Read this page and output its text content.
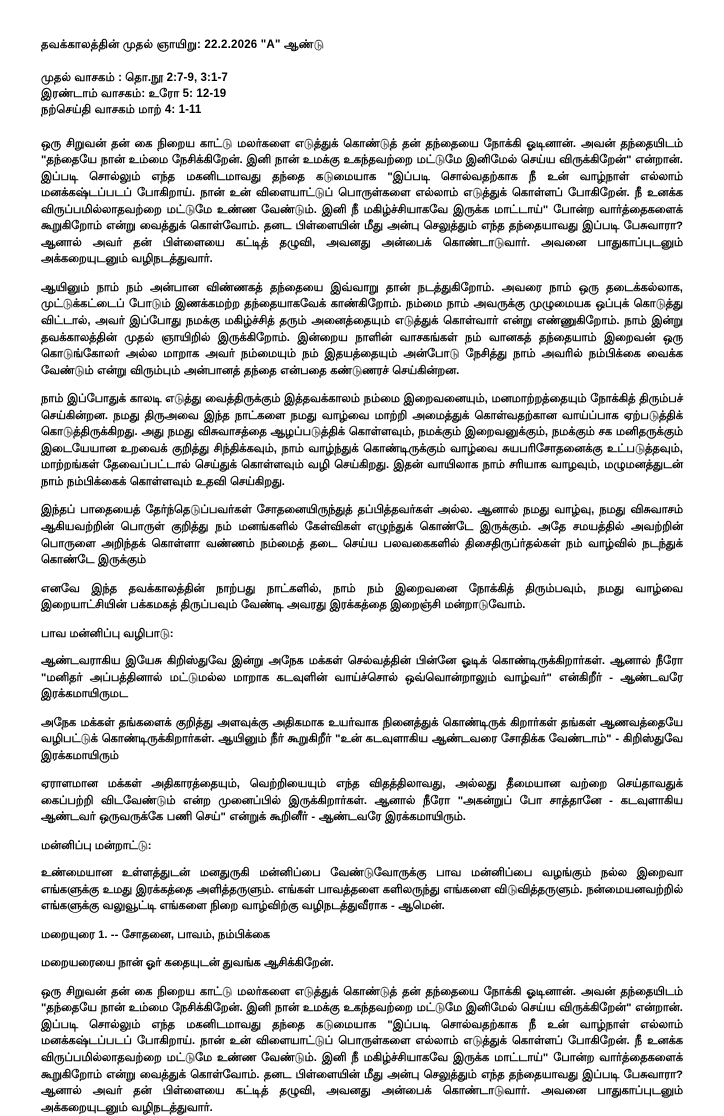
தவக்காலத்தின் முதல் ஞாயிறு: 22.2.2026 "A" ஆண்டு
முதல் வாசகம் : தொ.நூ 2:7-9, 3:1-7
இரண்டாம் வாசகம்: உரோ 5: 12-19
நற்செய்தி வாசகம் மாற் 4: 1-11

ஒரு சிறுவன் தன் கை நிறைய காட்டு மலர்களை எடுத்துக் கொண்டுத் தன் தந்தையை நோக்கி ஓடினான். அவன் தந்தையிடம் "தந்தையே நான் உம்மை நேசிக்கிறேன். இனி நான் உமக்கு உகந்தவற்றை மட்டுமே இனிமேல் செய்ய விருக்கிறேன்" என்றான். இப்படி சொல்லும் எந்த மகனிடமாவது தந்தை கடுமையாக "இப்படி சொல்வதற்காக நீ உன் வாழ்நாள் எல்லாம் மனக்கஷ்டப்படப் போகிறாய். நான் உன் விளையாட்டுப் பொருள்களை எல்லாம் எடுத்துக் கொள்ளப் போகிறேன். நீ உனக்க விருப்பமில்லாதவற்றை மட்டுமே உண்ண வேண்டும். இனி நீ மகிழ்ச்சியாகவே இருக்க மாட்டாய்" போன்ற வார்த்தைகளைக் கூறுகிறோம் என்று வைத்துக் கொள்வோம். தனட பிள்ளையின் மீது அன்பு செலுத்தும் எந்த தந்தையாவது இப்படி பேசுவாரா? ஆனால் அவர் தன் பிள்ளையை கட்டித் தழுவி, அவனது அன்பைக் கொண்டாடுவார். அவனை பாதுகாப்புடனும் அக்கறையுடனும் வழிநடத்துவார்.

ஆயினும் நாம் நம் அன்பான விண்ணகத் தந்தையை இவ்வாறு தான் நடத்துகிறோம். அவரை நாம் ஒரு தடைக்கல்லாக, முட்டுக்கட்டைப் போடும் இணக்கமற்ற தந்தையாகவேக் காண்கிறோம். நம்மை நாம் அவருக்கு முழுமையக ஒப்புக் கொடுத்து விட்டால், அவர் இப்போது நமக்கு மகிழ்ச்சித் தரும் அனைத்தையும் எடுத்துக் கொள்வார் என்று எண்ணுகிறோம். நாம் இன்று தவக்காலத்தின் முதல் ஞாயிறில் இருக்கிறோம். இன்றைய நாளின் வாசகங்கள் நம் வானகத் தந்தையாம் இறைவன் ஒரு கொடுங்கோலர் அல்ல மாறாக அவர் நம்மையும் நம் இதயத்தையும் அன்போடு நேசித்து நாம் அவரில் நம்பிக்கை வைக்க வேண்டும் என்று விரும்பும் அன்பானத் தந்தை என்பதை கண்டுணரச் செய்கின்றன.

நாம் இப்போதுக் காலடி எடுத்து வைத்திருக்கும் இத்தவக்காலம் நம்மை இறைவனையும், மனமாற்றத்தையும் நோக்கித் திரும்பச் செய்கின்றன. நமது திருஅவை இந்த நாட்களை நமது வாழ்வை மாற்றி அமைத்துக் கொள்வதற்கான வாய்ப்பாக ஏற்படுத்திக் கொடுத்திருக்கிறது. அது நமது விசுவாசத்தை ஆழப்படுத்திக் கொள்ளவும், நமக்கும் இறைவனுக்கும், நமக்கும் சக மனிதருக்கும் இடையேயான உறவைக் குறித்து சிந்திக்கவும், நாம் வாழ்ந்துக் கொண்டிருக்கும் வாழ்வை சுயபரிசோதனைக்கு உட்படுத்தவும், மாற்றங்கள் தேவைப்பட்டால் செய்துக் கொள்ளவும் வழி செய்கிறது. இதன் வாயிலாக நாம் சரியாக வாழவும், மழுமனத்துடன் நாம் நம்பிக்கைக் கொள்ளவும் உதவி செய்கிறது.

இந்தப் பாதையைத் தேர்ந்தெடுப்பவர்கள் சோதனையிருந்துத் தப்பித்தவர்கள் அல்ல. ஆனால் நமது வாழ்வு, நமது விசுவாசம் ஆகியவற்றின் பொருள் குறித்து நம் மனங்களில் கேள்விகள் எழுந்துக் கொண்டே இருக்கும். அதே சமயத்தில் அவற்றின் பொருளை அறிந்தக் கொள்ளா வண்ணம் நம்மைத் தடை செய்ய பலவகைகளில் திசைதிருப்ர்தல்கள் நம் வாழ்வில் நடந்துக் கொண்டே இருக்கும்

எனவே இந்த தவக்காலத்தின் நாற்பது நாட்களில், நாம் நம் இறைவனை நோக்கித் திரும்பவும், நமது வாழ்வை இறையாட்சியின் பக்கமகத் திருப்பவும் வேண்டி அவரது இரக்கத்தை இறைஞ்சி மன்றாடுவோம்.

பாவ மன்னிப்பு வழிபாடு:

ஆண்டவராகிய இயேசு கிறிஸ்துவே இன்று அநேக மக்கள் செல்வத்தின் பின்னே ஓடிக் கொண்டிருக்கிறார்கள். ஆனால் நீரோ "மனிதர் அப்பத்தினால் மட்டுமல்ல மாறாக கடவுளின் வாய்ச்சொல் ஒவ்வொன்றாலும் வாழ்வர்" என்கிறீர் - ஆண்டவரே இரக்கமாயிருமட

அநேக மக்கள் தங்களைக் குறித்து அளவுக்கு அதிகமாக உயர்வாக நினைத்துக் கொண்டிருக் கிறார்கள் தங்கள் ஆணவத்தையே வழிபட்டுக் கொண்டிருக்கிறார்கள். ஆயினும் நீர் கூறுகிறீர் "உன் கடவுளாகிய ஆண்டவரை சோதிக்க வேண்டாம்" - கிறிஸ்துவே இரக்கமாயிரும்

ஏராளமான மக்கள் அதிகாரத்தையும், வெற்றியையும் எந்த விதத்திலாவது, அல்லது தீமையான வற்றை செய்தாவதுக் கைப்பற்றி விடவேண்டும் என்ற முனைப்பில் இருக்கிறார்கள். ஆனால் நீரோ "அகன்றுப் போ சாத்தானே - கடவுளாகிய ஆண்டவர் ஒருவருக்கே பணி செய்" என்றுக் கூறினீர் - ஆண்டவரே இரக்கமாயிரும்.

மன்னிப்பு மன்றாட்டு:

உண்மையான உள்ளத்துடன் மனதுருகி மன்னிப்பை வேண்டுவோருக்கு பாவ மன்னிப்பை வழங்கும் நல்ல இறைவா எங்களுக்கு உமது இரக்கத்தை அளித்தருளும். எங்கள் பாவத்தளை களிலருந்து எங்களை விடுவித்தருளும். நன்மையனவற்றில் எங்களுக்கு வலுவூட்டி எங்களை நிறை வாழ்விற்கு வழிநடத்துவீராக - ஆமென்.

மறையுரை 1. -- சோதனை, பாவம், நம்பிக்கை
மறையரையை நான் ஓர் கதையுடன் துவங்க ஆசிக்கிறேன்.

ஒரு சிறுவன் தன் கை நிறைய காட்டு மலர்களை எடுத்துக் கொண்டுத் தன் தந்தையை நோக்கி ஓடினான். அவன் தந்தையிடம் "தந்தையே நான் உம்மை நேசிக்கிறேன். இனி நான் உமக்கு உகந்தவற்றை மட்டுமே இனிமேல் செய்ய விருக்கிறேன்" என்றான். இப்படி சொல்லும் எந்த மகனிடமாவது தந்தை கடுமையாக "இப்படி சொல்வதற்காக நீ உன் வாழ்நாள் எல்லாம் மனக்கஷ்டப்படப் போகிறாய். நான் உன் விளையாட்டுப் பொருள்களை எல்லாம் எடுத்துக் கொள்ளப் போகிறேன். நீ உனக்க விருப்பமில்லாதவற்றை மட்டுமே உண்ண வேண்டும். இனி நீ மகிழ்ச்சியாகவே இருக்க மாட்டாய்" போன்ற வார்த்தைகளைக் கூறுகிறோம் என்று வைத்துக் கொள்வோம். தனட பிள்ளையின் மீது அன்பு செலுத்தும் எந்த தந்தையாவது இப்படி பேசுவாரா? ஆனால் அவர் தன் பிள்ளையை கட்டித் தழுவி, அவனது அன்பைக் கொண்டாடுவார். அவனை பாதுகாப்புடனும் அக்கறையுடனும் வழிநடத்துவார்.
